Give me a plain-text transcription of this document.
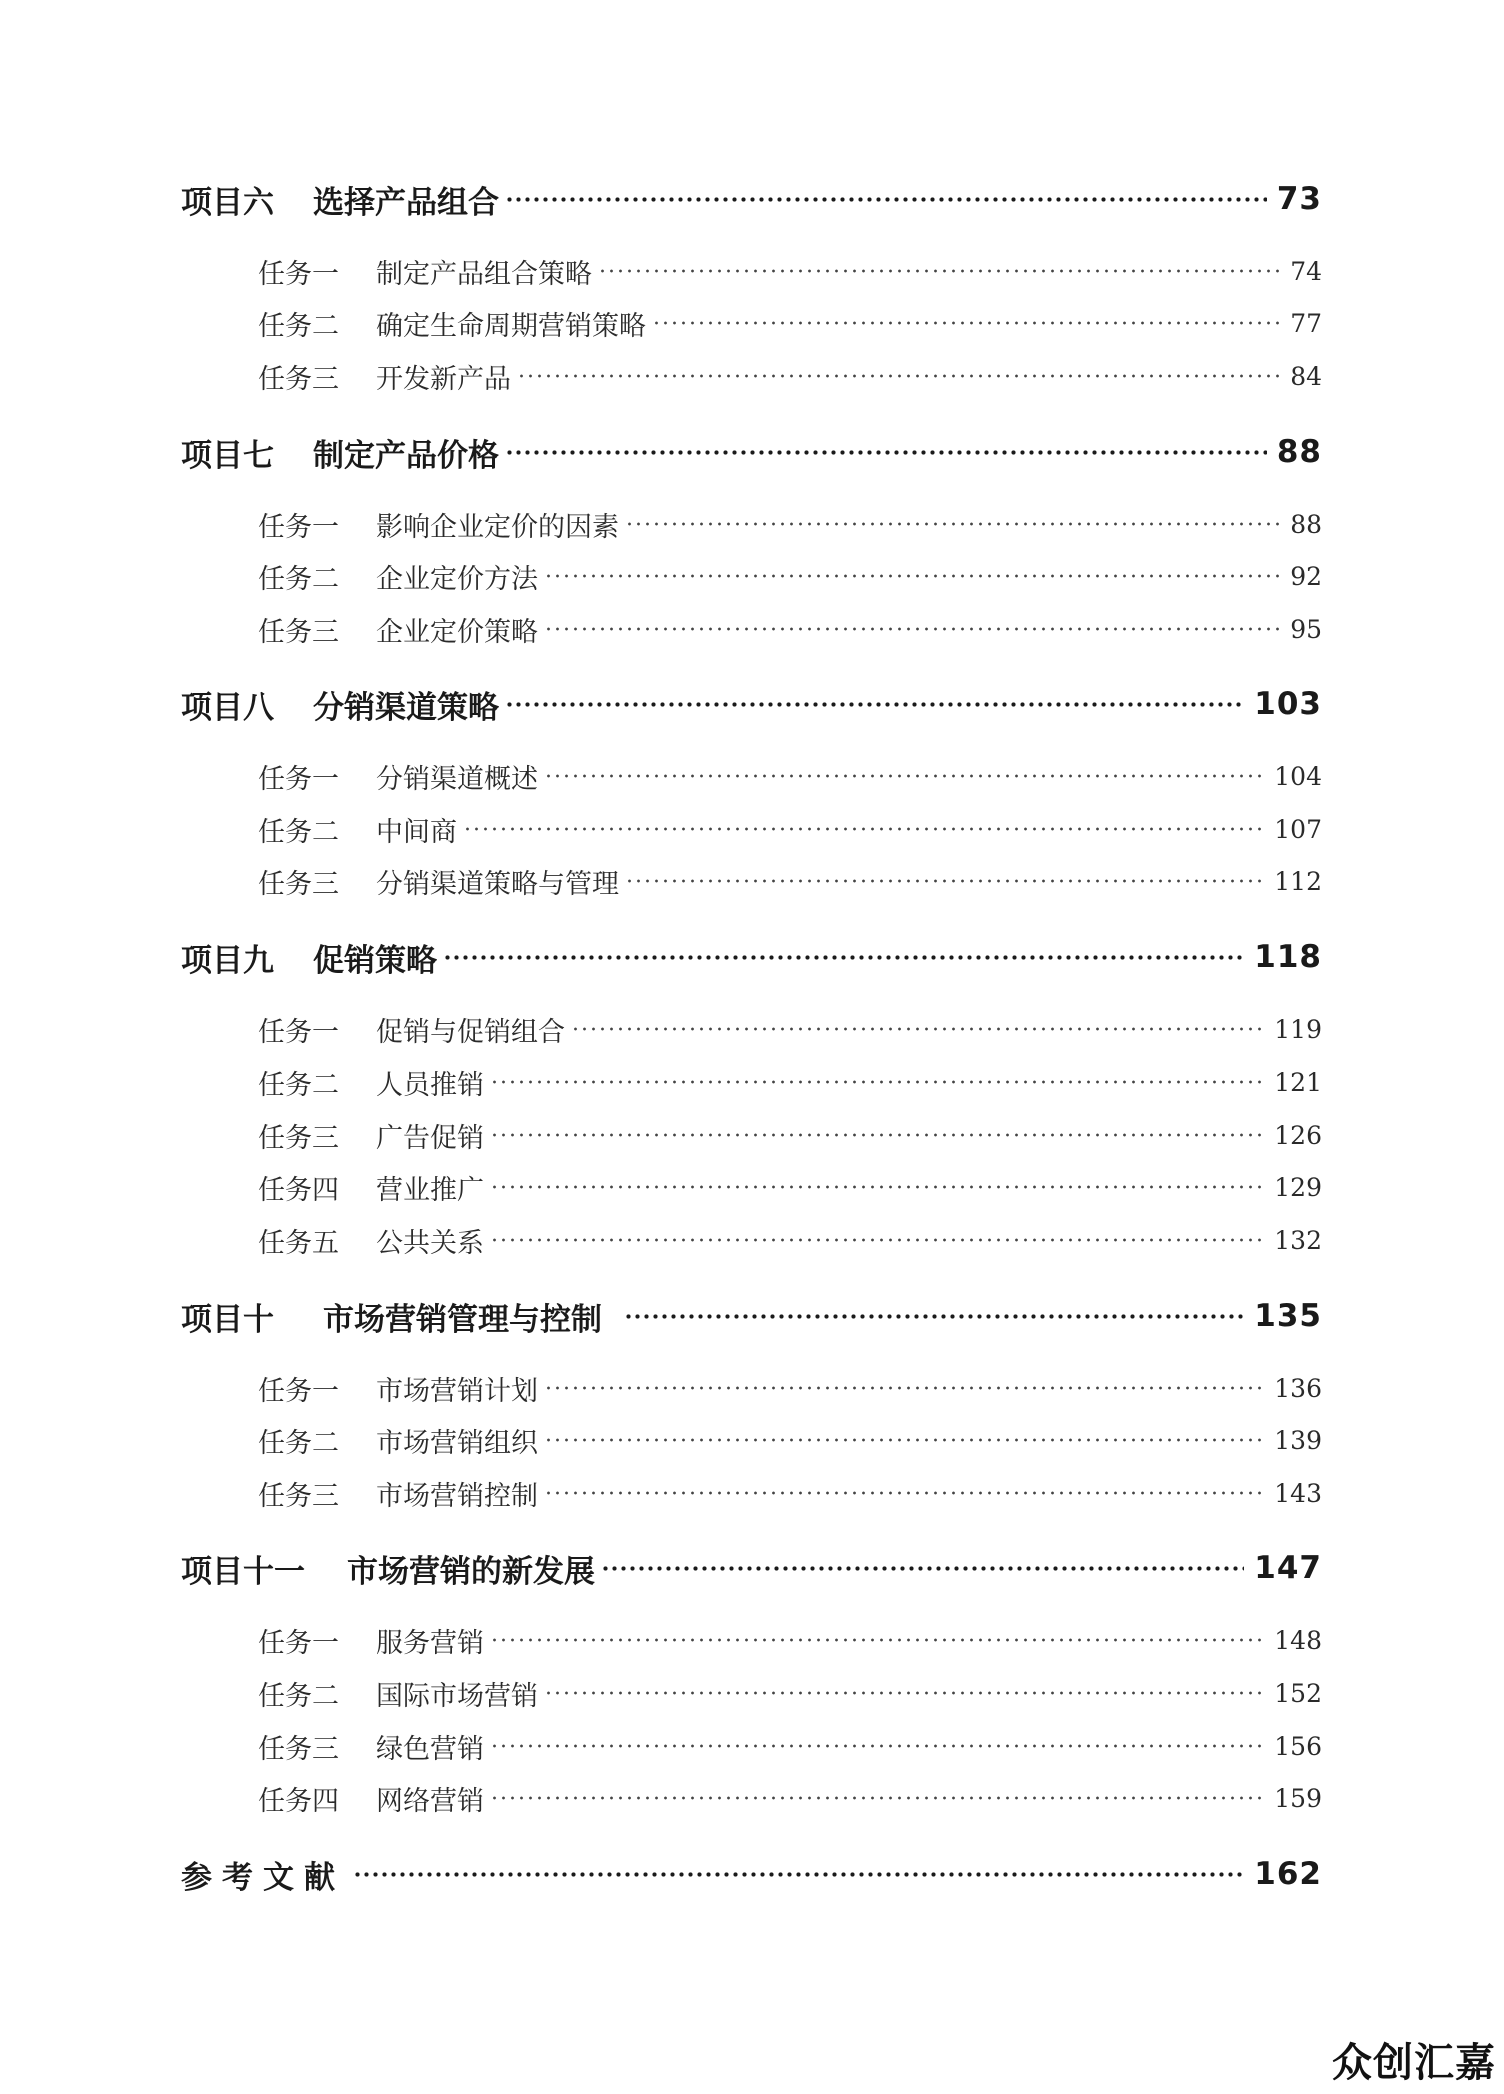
项目六	选择产品组合	73
任务一	制定产品组合策略	74
任务二	确定生命周期营销策略	77
任务三	开发新产品	84
项目七	制定产品价格	88
任务一	影响企业定价的因素	88
任务二	企业定价方法	92
任务三	企业定价策略	95
项目八	分销渠道策略	103
任务一	分销渠道概述	104
任务二	中间商	107
任务三	分销渠道策略与管理	112
项目九	促销策略	118
任务一	促销与促销组合	119
任务二	人员推销	121
任务三	广告促销	126
任务四	营业推广	129
任务五	公共关系	132
项目十	市场营销管理与控制	135
任务一	市场营销计划	136
任务二	市场营销组织	139
任务三	市场营销控制	143
项目十一	市场营销的新发展	147
任务一	服务营销	148
任务二	国际市场营销	152
任务三	绿色营销	156
任务四	网络营销	159
参考文献	162
众创汇嘉
